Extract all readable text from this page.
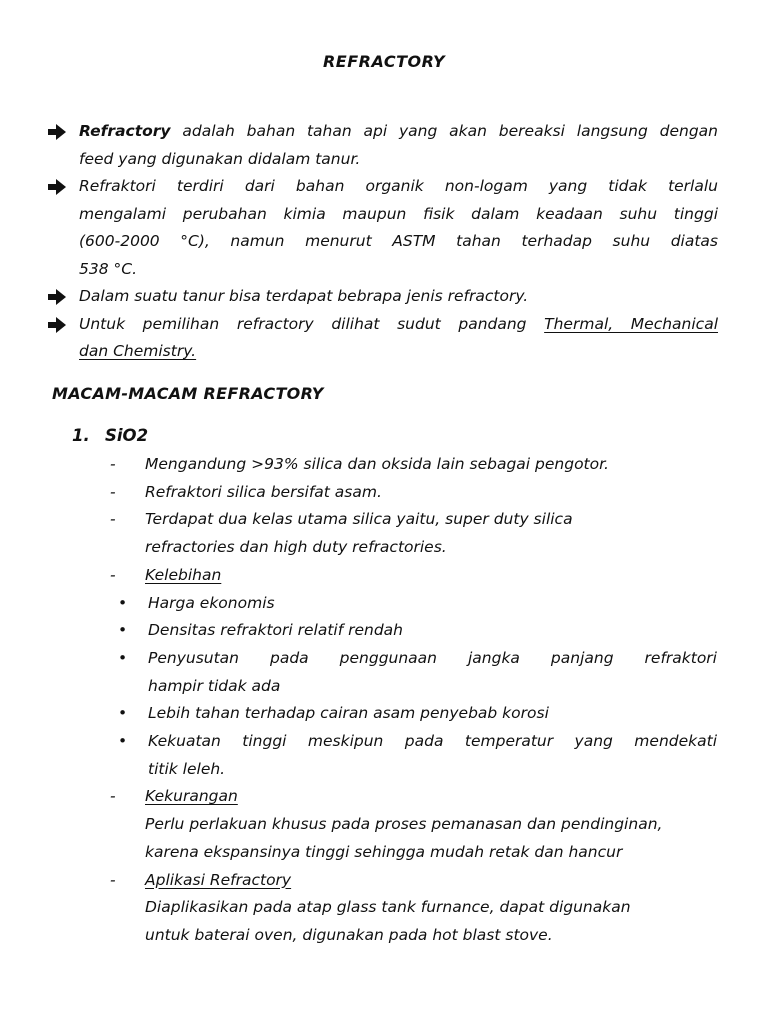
REFRACTORY
Refractory adalah bahan tahan api yang akan bereaksi langsung dengan
feed yang digunakan didalam tanur.
Refraktori terdiri dari bahan organik non-logam yang tidak terlalu
mengalami perubahan kimia maupun fisik dalam keadaan suhu tinggi
(600-2000 °C), namun menurut ASTM tahan terhadap suhu diatas
538 °C.
Dalam suatu tanur bisa terdapat bebrapa jenis refractory.
Untuk pemilihan refractory dilihat sudut pandang Thermal, Mechanical
dan Chemistry.
MACAM-MACAM REFRACTORY
1. SiO2
- Mengandung >93% silica dan oksida lain sebagai pengotor.
- Refraktori silica bersifat asam.
- Terdapat dua kelas utama silica yaitu, super duty silica
refractories dan high duty refractories.
- Kelebihan
• Harga ekonomis
• Densitas refraktori relatif rendah
• Penyusutan pada penggunaan jangka panjang refraktori
hampir tidak ada
• Lebih tahan terhadap cairan asam penyebab korosi
• Kekuatan tinggi meskipun pada temperatur yang mendekati
titik leleh.
- Kekurangan
Perlu perlakuan khusus pada proses pemanasan dan pendinginan,
karena ekspansinya tinggi sehingga mudah retak dan hancur
- Aplikasi Refractory
Diaplikasikan pada atap glass tank furnance, dapat digunakan
untuk baterai oven, digunakan pada hot blast stove.
